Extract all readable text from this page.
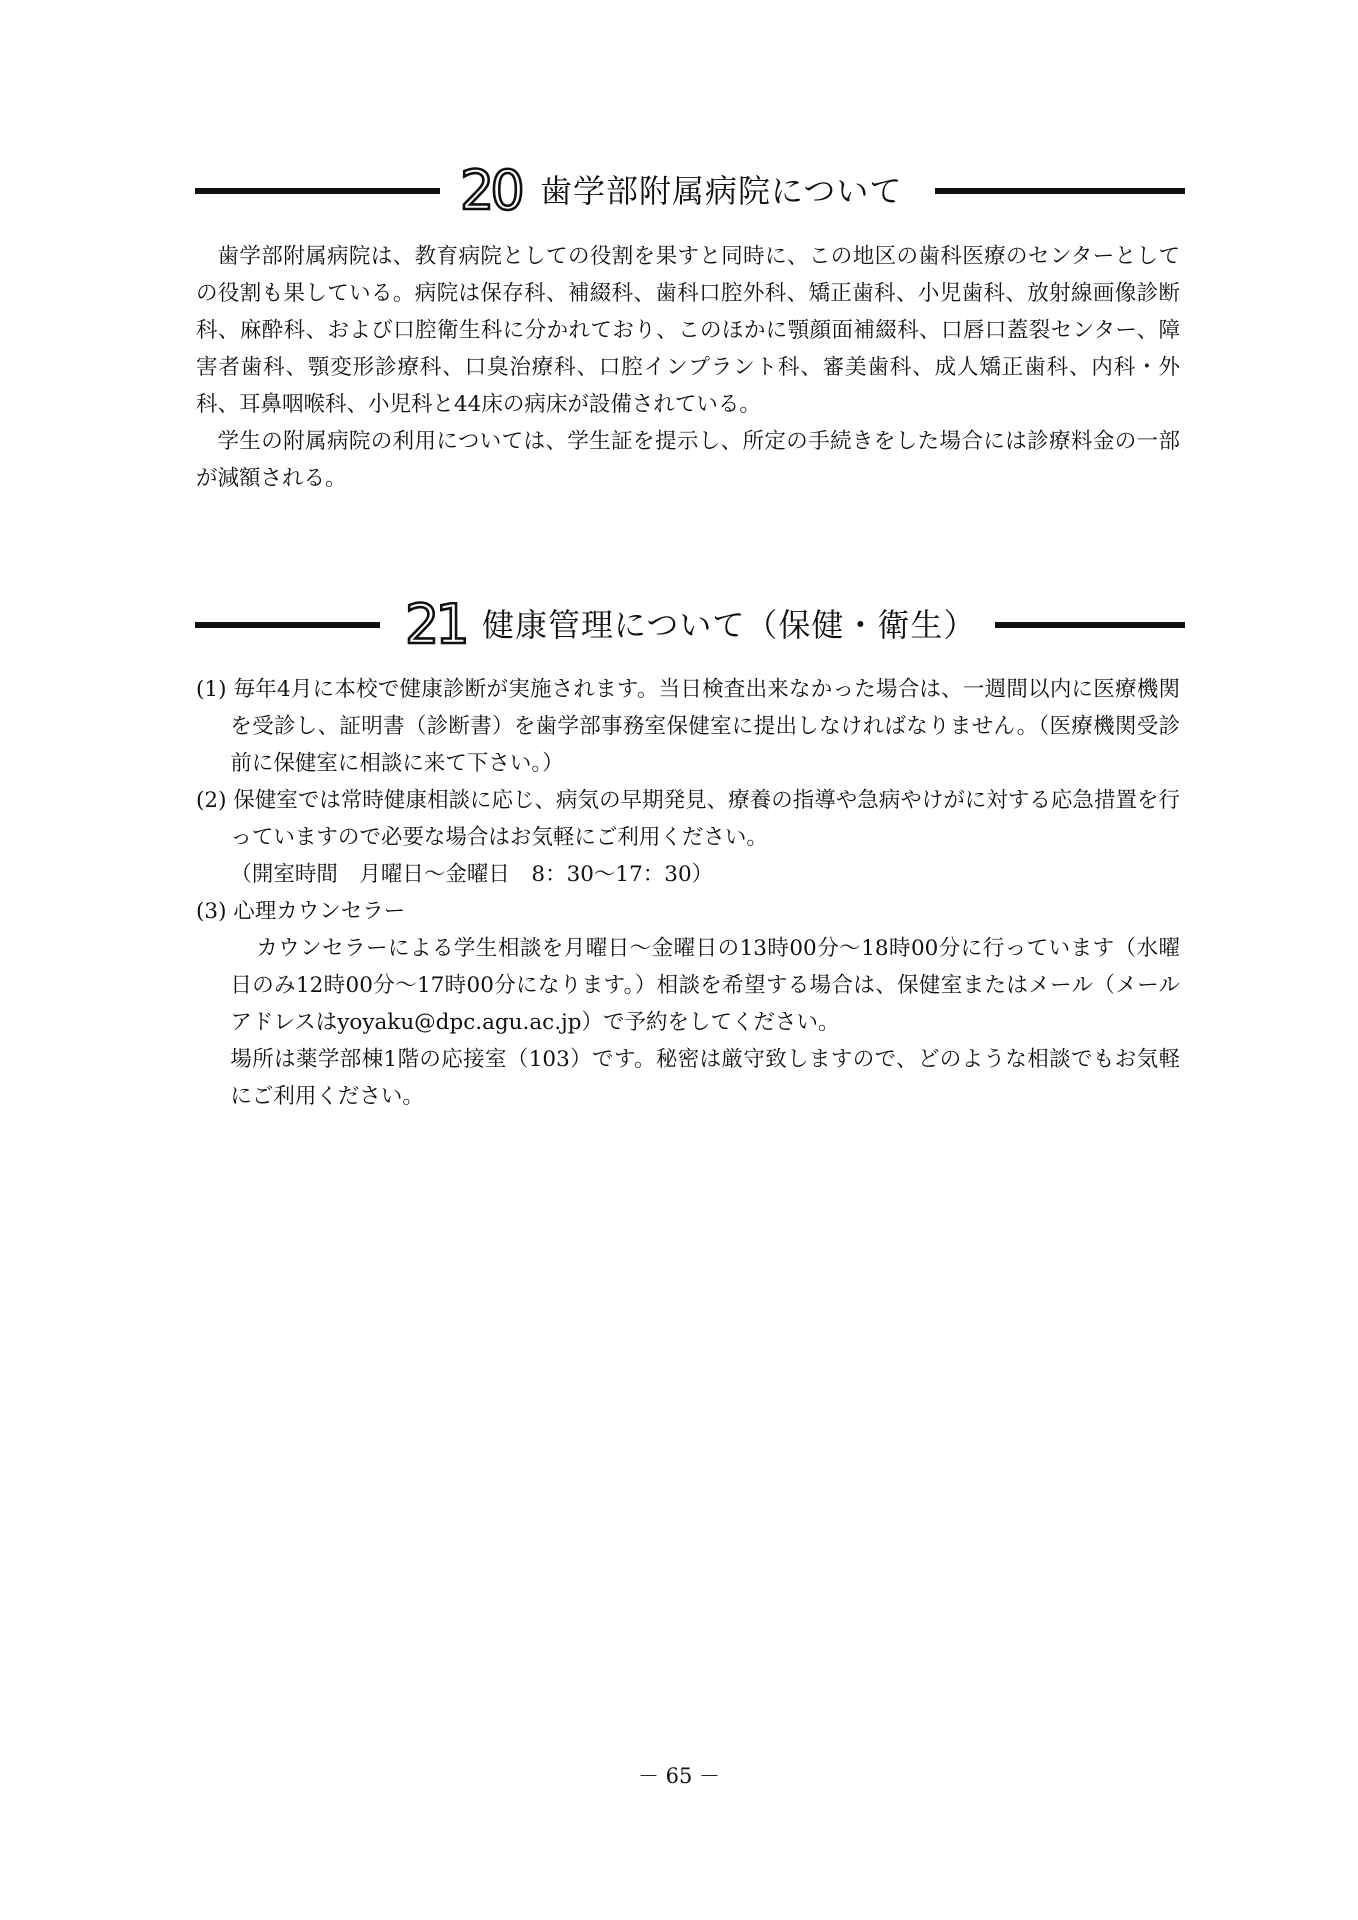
20 歯学部附属病院について

歯学部附属病院は、教育病院としての役割を果すと同時に、この地区の歯科医療のセンターとしての役割も果している。病院は保存科、補綴科、歯科口腔外科、矯正歯科、小児歯科、放射線画像診断科、麻酔科、および口腔衛生科に分かれており、このほかに顎顔面補綴科、口唇口蓋裂センター、障害者歯科、顎変形診療科、口臭治療科、口腔インプラント科、審美歯科、成人矯正歯科、内科・外科、耳鼻咽喉科、小児科と44床の病床が設備されている。

学生の附属病院の利用については、学生証を提示し、所定の手続きをした場合には診療料金の一部が減額される。

21 健康管理について（保健・衛生）

(1) 毎年4月に本校で健康診断が実施されます。当日検査出来なかった場合は、一週間以内に医療機関を受診し、証明書（診断書）を歯学部事務室保健室に提出しなければなりません。（医療機関受診前に保健室に相談に来て下さい。）

(2) 保健室では常時健康相談に応じ、病気の早期発見、療養の指導や急病やけがに対する応急措置を行っていますので必要な場合はお気軽にご利用ください。

（開室時間　月曜日～金曜日　8：30～17：30）

(3) 心理カウンセラー

カウンセラーによる学生相談を月曜日～金曜日の13時00分～18時00分に行っています（水曜日のみ12時00分～17時00分になります。）相談を希望する場合は、保健室またはメール（メールアドレスはyoyaku@dpc.agu.ac.jp）で予約をしてください。

場所は薬学部棟1階の応接室（103）です。秘密は厳守致しますので、どのような相談でもお気軽にご利用ください。

－ 65 －
